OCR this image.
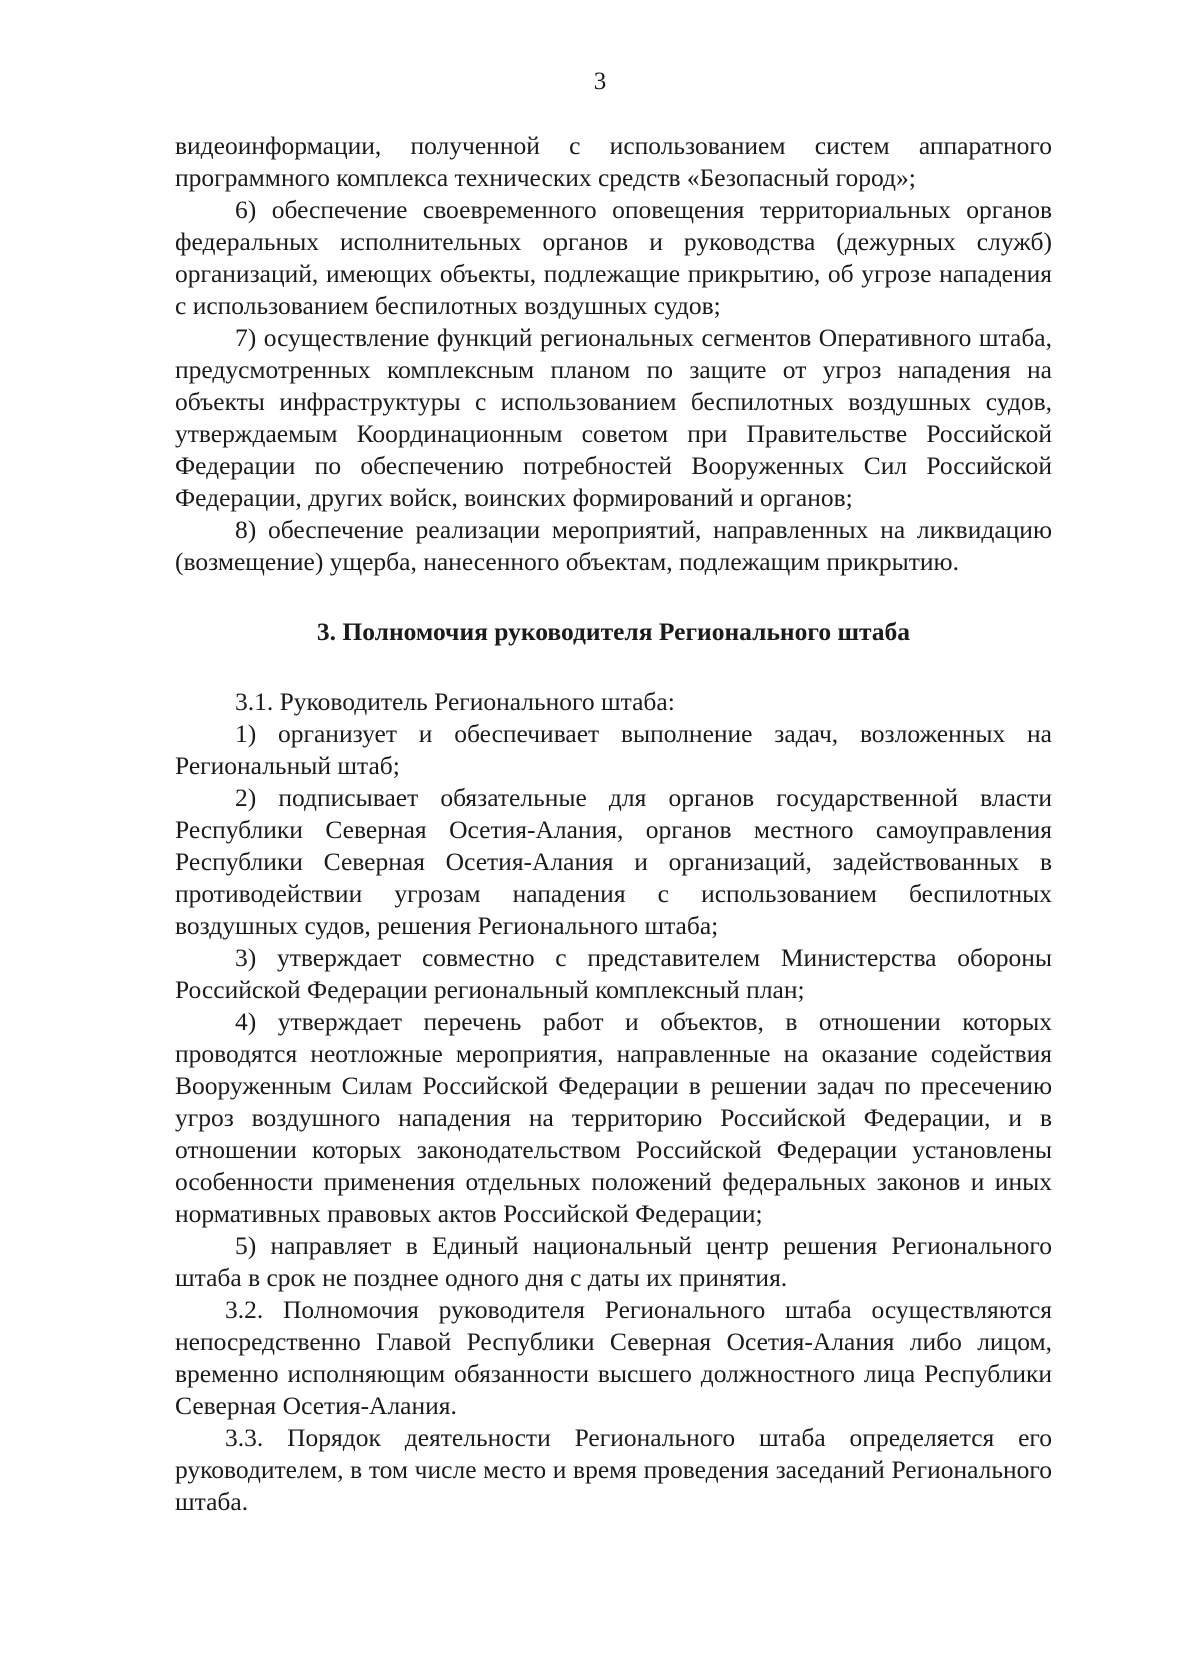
3

видеоинформации, полученной с использованием систем аппаратного программного комплекса технических средств «Безопасный город»;

6) обеспечение своевременного оповещения территориальных органов федеральных исполнительных органов и руководства (дежурных служб) организаций, имеющих объекты, подлежащие прикрытию, об угрозе нападения с использованием беспилотных воздушных судов;

7) осуществление функций региональных сегментов Оперативного штаба, предусмотренных комплексным планом по защите от угроз нападения на объекты инфраструктуры с использованием беспилотных воздушных судов, утверждаемым Координационным советом при Правительстве Российской Федерации по обеспечению потребностей Вооруженных Сил Российской Федерации, других войск, воинских формирований и органов;

8) обеспечение реализации мероприятий, направленных на ликвидацию (возмещение) ущерба, нанесенного объектам, подлежащим прикрытию.

3. Полномочия руководителя Регионального штаба

3.1. Руководитель Регионального штаба:

1) организует и обеспечивает выполнение задач, возложенных на Региональный штаб;

2) подписывает обязательные для органов государственной власти Республики Северная Осетия-Алания, органов местного самоуправления Республики Северная Осетия-Алания и организаций, задействованных в противодействии угрозам нападения с использованием беспилотных воздушных судов, решения Регионального штаба;

3) утверждает совместно с представителем Министерства обороны Российской Федерации региональный комплексный план;

4) утверждает перечень работ и объектов, в отношении которых проводятся неотложные мероприятия, направленные на оказание содействия Вооруженным Силам Российской Федерации в решении задач по пресечению угроз воздушного нападения на территорию Российской Федерации, и в отношении которых законодательством Российской Федерации установлены особенности применения отдельных положений федеральных законов и иных нормативных правовых актов Российской Федерации;

5) направляет в Единый национальный центр решения Регионального штаба в срок не позднее одного дня с даты их принятия.

3.2. Полномочия руководителя Регионального штаба осуществляются непосредственно Главой Республики Северная Осетия-Алания либо лицом, временно исполняющим обязанности высшего должностного лица Республики Северная Осетия-Алания.

3.3. Порядок деятельности Регионального штаба определяется его руководителем, в том числе место и время проведения заседаний Регионального штаба.
